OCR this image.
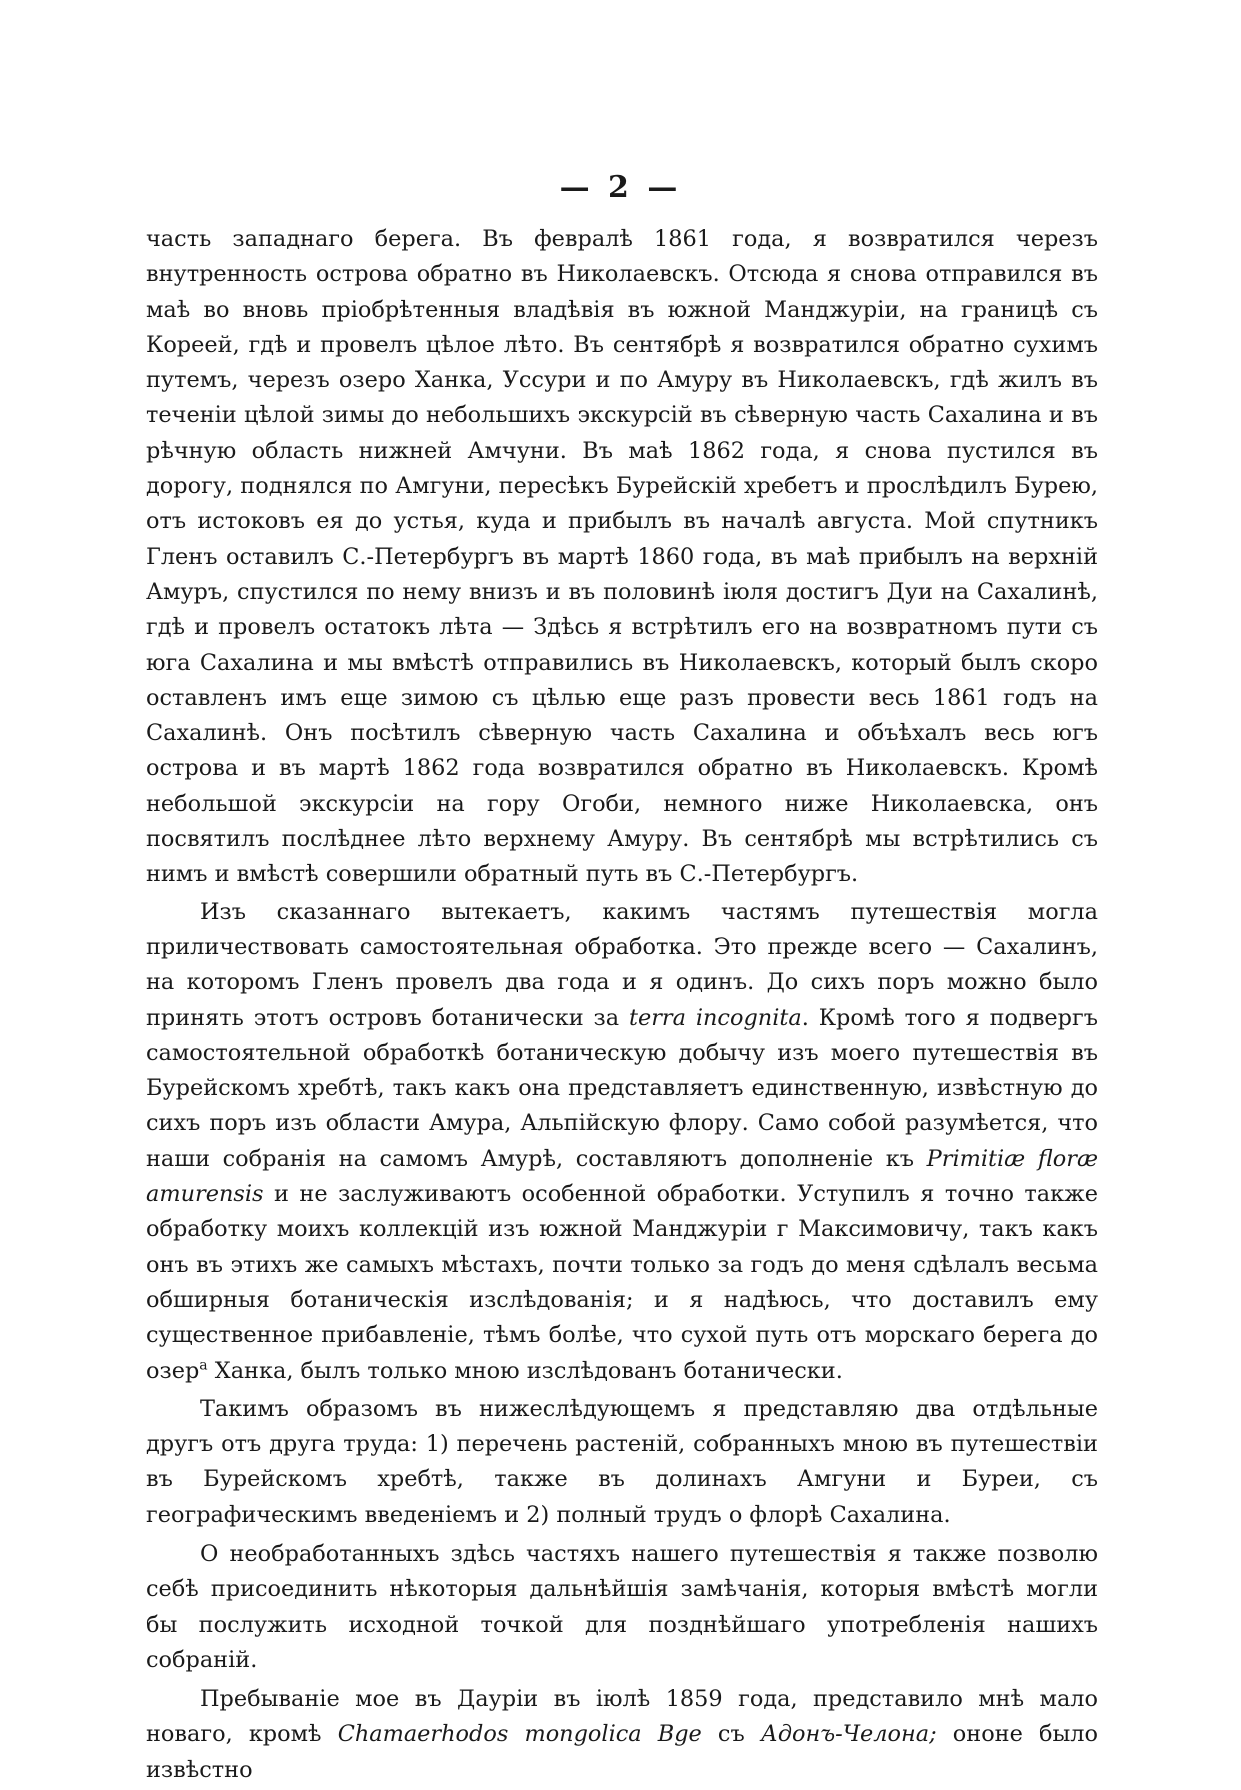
— 2 —

часть западнаго берега. Въ февралѣ 1861 года, я возвратился черезъ внутренность острова обратно въ Николаевскъ. Отсюда я снова отправился въ маѣ во вновь пріобрѣтенныя владѣвія въ южной Манджуріи, на границѣ съ Кореей, гдѣ и провелъ цѣлое лѣто. Въ сентябрѣ я возвратился обратно сухимъ путемъ, черезъ озеро Ханка, Уссури и по Амуру въ Николаевскъ, гдѣ жилъ въ теченіи цѣлой зимы до небольшихъ экскурсій въ сѣверную часть Сахалина и въ рѣчную область нижней Амчуни. Въ маѣ 1862 года, я снова пустился въ дорогу, поднялся по Амгуни, пересѣкъ Бурейскій хребетъ и прослѣдилъ Бурею, отъ истоковъ ея до устья, куда и прибылъ въ началѣ августа. Мой спутникъ Гленъ оставилъ С.-Петербургъ въ мартѣ 1860 года, въ маѣ прибылъ на верхній Амуръ, спустился по нему внизъ и въ половинѣ іюля достигъ Дуи на Сахалинѣ, гдѣ и провелъ остатокъ лѣта — Здѣсь я встрѣтилъ его на возвратномъ пути съ юга Сахалина и мы вмѣстѣ отправились въ Николаевскъ, который былъ скоро оставленъ имъ еще зимою съ цѣлью еще разъ провести весь 1861 годъ на Сахалинѣ. Онъ посѣтилъ сѣверную часть Сахалина и объѣхалъ весь югъ острова и въ мартѣ 1862 года возвратился обратно въ Николаевскъ. Кромѣ небольшой экскурсіи на гору Огоби, немного ниже Николаевска, онъ посвятилъ послѣднее лѣто верхнему Амуру. Въ сентябрѣ мы встрѣтились съ нимъ и вмѣстѣ совершили обратный путь въ С.-Петербургъ.

Изъ сказаннаго вытекаетъ, какимъ частямъ путешествія могла приличествовать самостоятельная обработка. Это прежде всего — Сахалинъ, на которомъ Гленъ провелъ два года и я одинъ. До сихъ поръ можно было принять этотъ островъ ботанически за terra incognita. Кромѣ того я подвергъ самостоятельной обработкѣ ботаническую добычу изъ моего путешествія въ Бурейскомъ хребтѣ, такъ какъ она представляетъ единственную, извѣстную до сихъ поръ изъ области Амура, Альпійскую флору. Само собой разумѣется, что наши собранія на самомъ Амурѣ, составляютъ дополненіе къ Primitiæ floræ amurensis и не заслуживаютъ особенной обработки. Уступилъ я точно также обработку моихъ коллекцій изъ южной Манджуріи г Максимовичу, такъ какъ онъ въ этихъ же самыхъ мѣстахъ, почти только за годъ до меня сдѣлалъ весьма обширныя ботаническія изслѣдованія; и я надѣюсь, что доставилъ ему существенное прибавленіе, тѣмъ болѣе, что сухой путь отъ морскаго берега до озер$^а$ Ханка, былъ только мною изслѣдованъ ботанически.

Такимъ образомъ въ нижеслѣдующемъ я представляю два отдѣльные другъ отъ друга труда: 1) перечень растеній, собранныхъ мною въ путешествіи въ Бурейскомъ хребтѣ, также въ долинахъ Амгуни и Буреи, съ географическимъ введеніемъ и 2) полный трудъ о флорѣ Сахалина.

О необработанныхъ здѣсь частяхъ нашего путешествія я также позволю себѣ присоединить нѣкоторыя дальнѣйшія замѣчанія, которыя вмѣстѣ могли бы послужить исходной точкой для позднѣйшаго употребленія нашихъ собраній.

Пребываніе мое въ Дауріи въ іюлѣ 1859 года, представило мнѣ мало новаго, кромѣ Chamaerhodos mongolica Bge съ Адонъ-Челона; ононе было извѣстно
